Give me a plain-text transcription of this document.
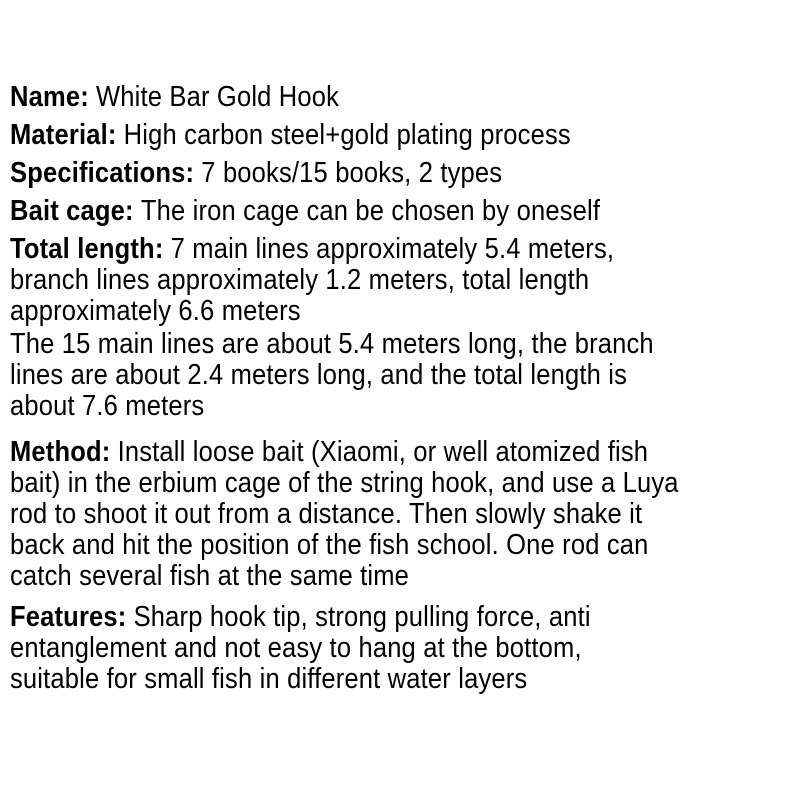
Name: White Bar Gold Hook

Material: High carbon steel+gold plating process

Specifications: 7 books/15 books, 2 types

Bait cage: The iron cage can be chosen by oneself

Total length: 7 main lines approximately 5.4 meters,
branch lines approximately 1.2 meters, total length
approximately 6.6 meters

The 15 main lines are about 5.4 meters long, the branch
lines are about 2.4 meters long, and the total length is
about 7.6 meters

Method: Install loose bait (Xiaomi, or well atomized fish
bait) in the erbium cage of the string hook, and use a Luya
rod to shoot it out from a distance. Then slowly shake it
back and hit the position of the fish school. One rod can
catch several fish at the same time

Features: Sharp hook tip, strong pulling force, anti
entanglement and not easy to hang at the bottom,
suitable for small fish in different water layers
